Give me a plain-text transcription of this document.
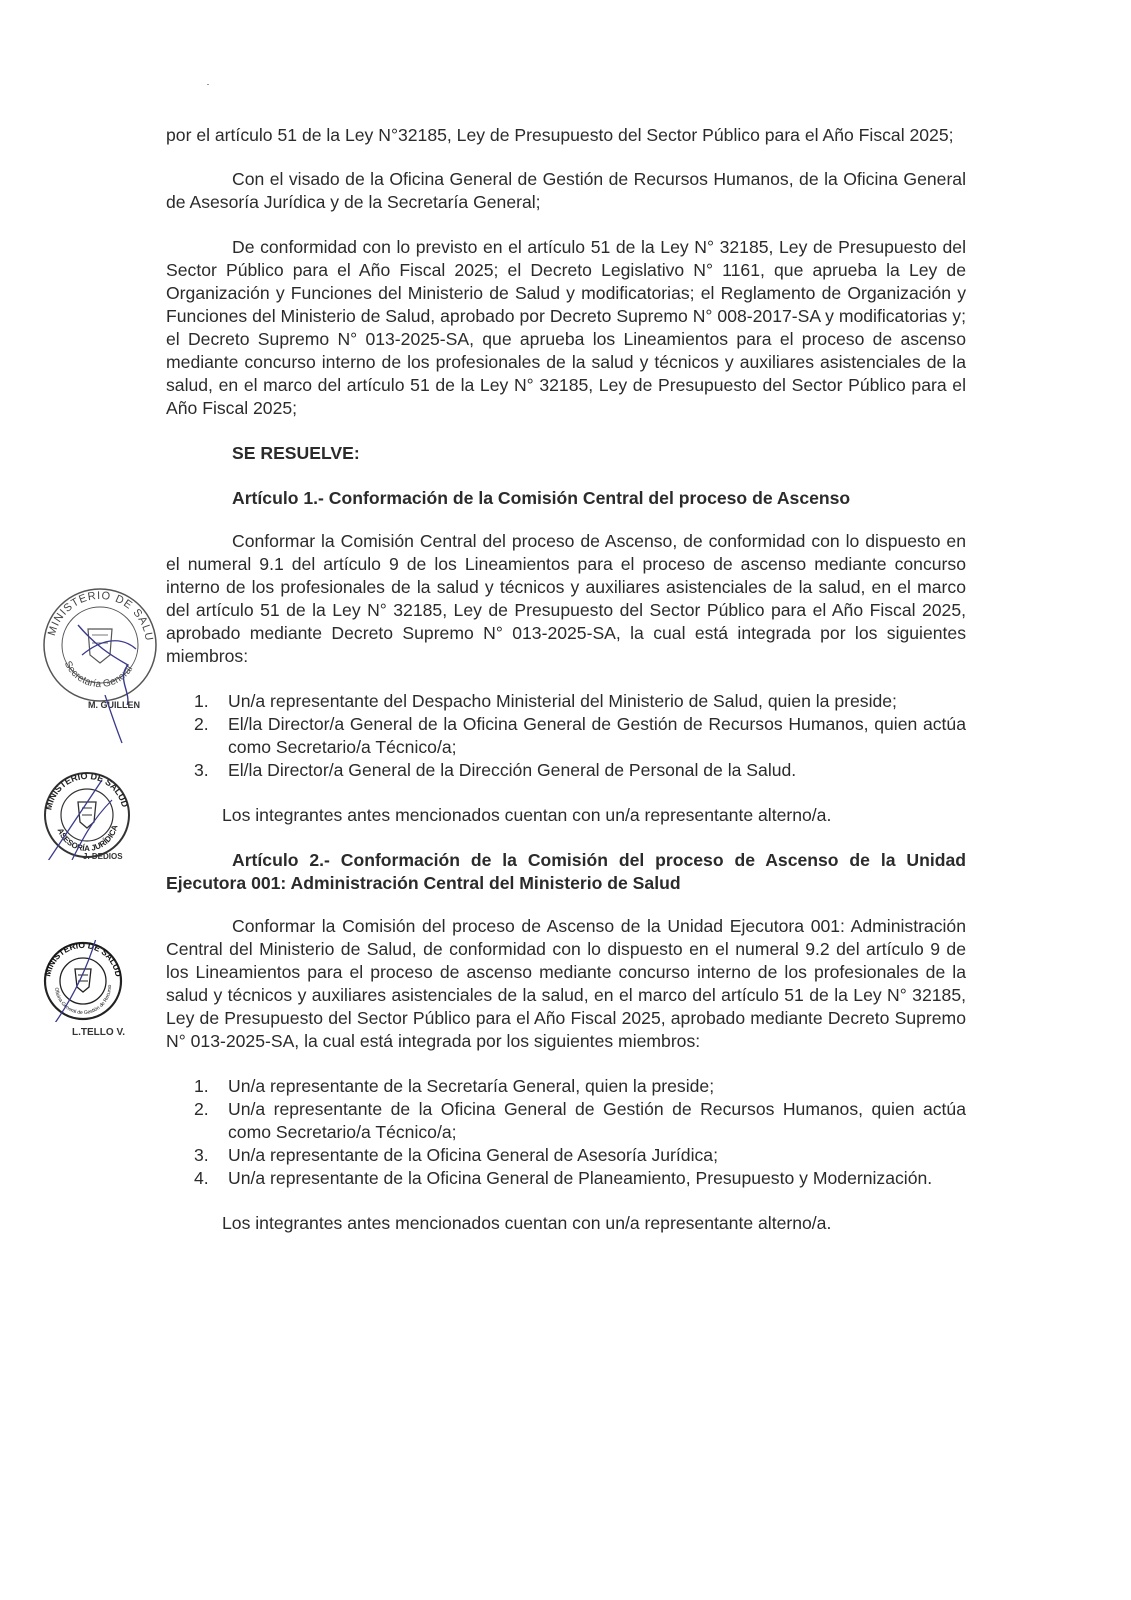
por el artículo 51 de la Ley N°32185, Ley de Presupuesto del Sector Público para el Año Fiscal 2025;

Con el visado de la Oficina General de Gestión de Recursos Humanos, de la Oficina General de Asesoría Jurídica y de la Secretaría General;

De conformidad con lo previsto en el artículo 51 de la Ley N° 32185, Ley de Presupuesto del Sector Público para el Año Fiscal 2025; el Decreto Legislativo N° 1161, que aprueba la Ley de Organización y Funciones del Ministerio de Salud y modificatorias; el Reglamento de Organización y Funciones del Ministerio de Salud, aprobado por Decreto Supremo N° 008-2017-SA y modificatorias y; el Decreto Supremo N° 013-2025-SA, que aprueba los Lineamientos para el proceso de ascenso mediante concurso interno de los profesionales de la salud y técnicos y auxiliares asistenciales de la salud, en el marco del artículo 51 de la Ley N° 32185, Ley de Presupuesto del Sector Público para el Año Fiscal 2025;

SE RESUELVE:

Artículo 1.- Conformación de la Comisión Central del proceso de Ascenso

Conformar la Comisión Central del proceso de Ascenso, de conformidad con lo dispuesto en el numeral 9.1 del artículo 9 de los Lineamientos para el proceso de ascenso mediante concurso interno de los profesionales de la salud y técnicos y auxiliares asistenciales de la salud, en el marco del artículo 51 de la Ley N° 32185, Ley de Presupuesto del Sector Público para el Año Fiscal 2025, aprobado mediante Decreto Supremo N° 013-2025-SA, la cual está integrada por los siguientes miembros:

1. Un/a representante del Despacho Ministerial del Ministerio de Salud, quien la preside;
2. El/la Director/a General de la Oficina General de Gestión de Recursos Humanos, quien actúa como Secretario/a Técnico/a;
3. El/la Director/a General de la Dirección General de Personal de la Salud.

Los integrantes antes mencionados cuentan con un/a representante alterno/a.

Artículo 2.- Conformación de la Comisión del proceso de Ascenso de la Unidad Ejecutora 001: Administración Central del Ministerio de Salud

Conformar la Comisión del proceso de Ascenso de la Unidad Ejecutora 001: Administración Central del Ministerio de Salud, de conformidad con lo dispuesto en el numeral 9.2 del artículo 9 de los Lineamientos para el proceso de ascenso mediante concurso interno de los profesionales de la salud y técnicos y auxiliares asistenciales de la salud, en el marco del artículo 51 de la Ley N° 32185, Ley de Presupuesto del Sector Público para el Año Fiscal 2025, aprobado mediante Decreto Supremo N° 013-2025-SA, la cual está integrada por los siguientes miembros:

1. Un/a representante de la Secretaría General, quien la preside;
2. Un/a representante de la Oficina General de Gestión de Recursos Humanos, quien actúa como Secretario/a Técnico/a;
3. Un/a representante de la Oficina General de Asesoría Jurídica;
4. Un/a representante de la Oficina General de Planeamiento, Presupuesto y Modernización.

Los integrantes antes mencionados cuentan con un/a representante alterno/a.

MINISTERIO DE SALU
Secretaría General
M. GUILLEN
MINISTERIO DE SALUD
ASESORÍA JURÍDICA
J. DEDIOS
MINISTERIO DE SALUD
Oficina General de Gestión de Recurso
L.TELLO V.
